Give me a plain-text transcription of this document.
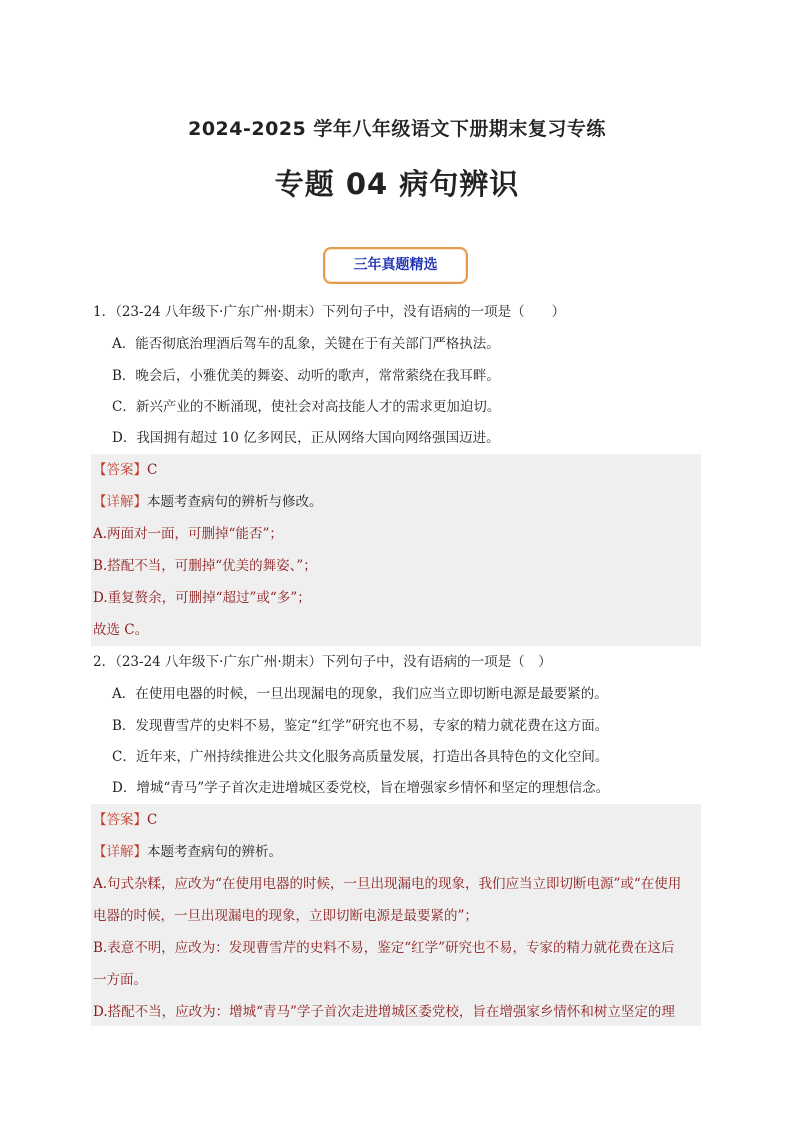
2024-2025 学年八年级语文下册期末复习专练
专题 04 病句辨识
三年真题精选
1．（23-24 八年级下·广东广州·期末）下列句子中，没有语病的一项是（　　）
A．能否彻底治理酒后驾车的乱象，关键在于有关部门严格执法。
B．晚会后，小雅优美的舞姿、动听的歌声，常常萦绕在我耳畔。
C．新兴产业的不断涌现，使社会对高技能人才的需求更加迫切。
D．我国拥有超过 10 亿多网民，正从网络大国向网络强国迈进。
【答案】C
【详解】本题考查病句的辨析与修改。
A.两面对一面，可删掉“能否”；
B.搭配不当，可删掉“优美的舞姿、”；
D.重复赘余，可删掉“超过”或“多”；
故选 C。
2．（23-24 八年级下·广东广州·期末）下列句子中，没有语病的一项是（　）
A．在使用电器的时候，一旦出现漏电的现象，我们应当立即切断电源是最要紧的。
B．发现曹雪芹的史料不易，鉴定“红学”研究也不易，专家的精力就花费在这方面。
C．近年来，广州持续推进公共文化服务高质量发展，打造出各具特色的文化空间。
D．增城“青马”学子首次走进增城区委党校，旨在增强家乡情怀和坚定的理想信念。
【答案】C
【详解】本题考查病句的辨析。
A.句式杂糅，应改为“在使用电器的时候，一旦出现漏电的现象，我们应当立即切断电源”或“在使用
电器的时候，一旦出现漏电的现象，立即切断电源是最要紧的”；
B.表意不明，应改为：发现曹雪芹的史料不易，鉴定“红学”研究也不易，专家的精力就花费在这后
一方面。
D.搭配不当，应改为：增城“青马”学子首次走进增城区委党校，旨在增强家乡情怀和树立坚定的理
